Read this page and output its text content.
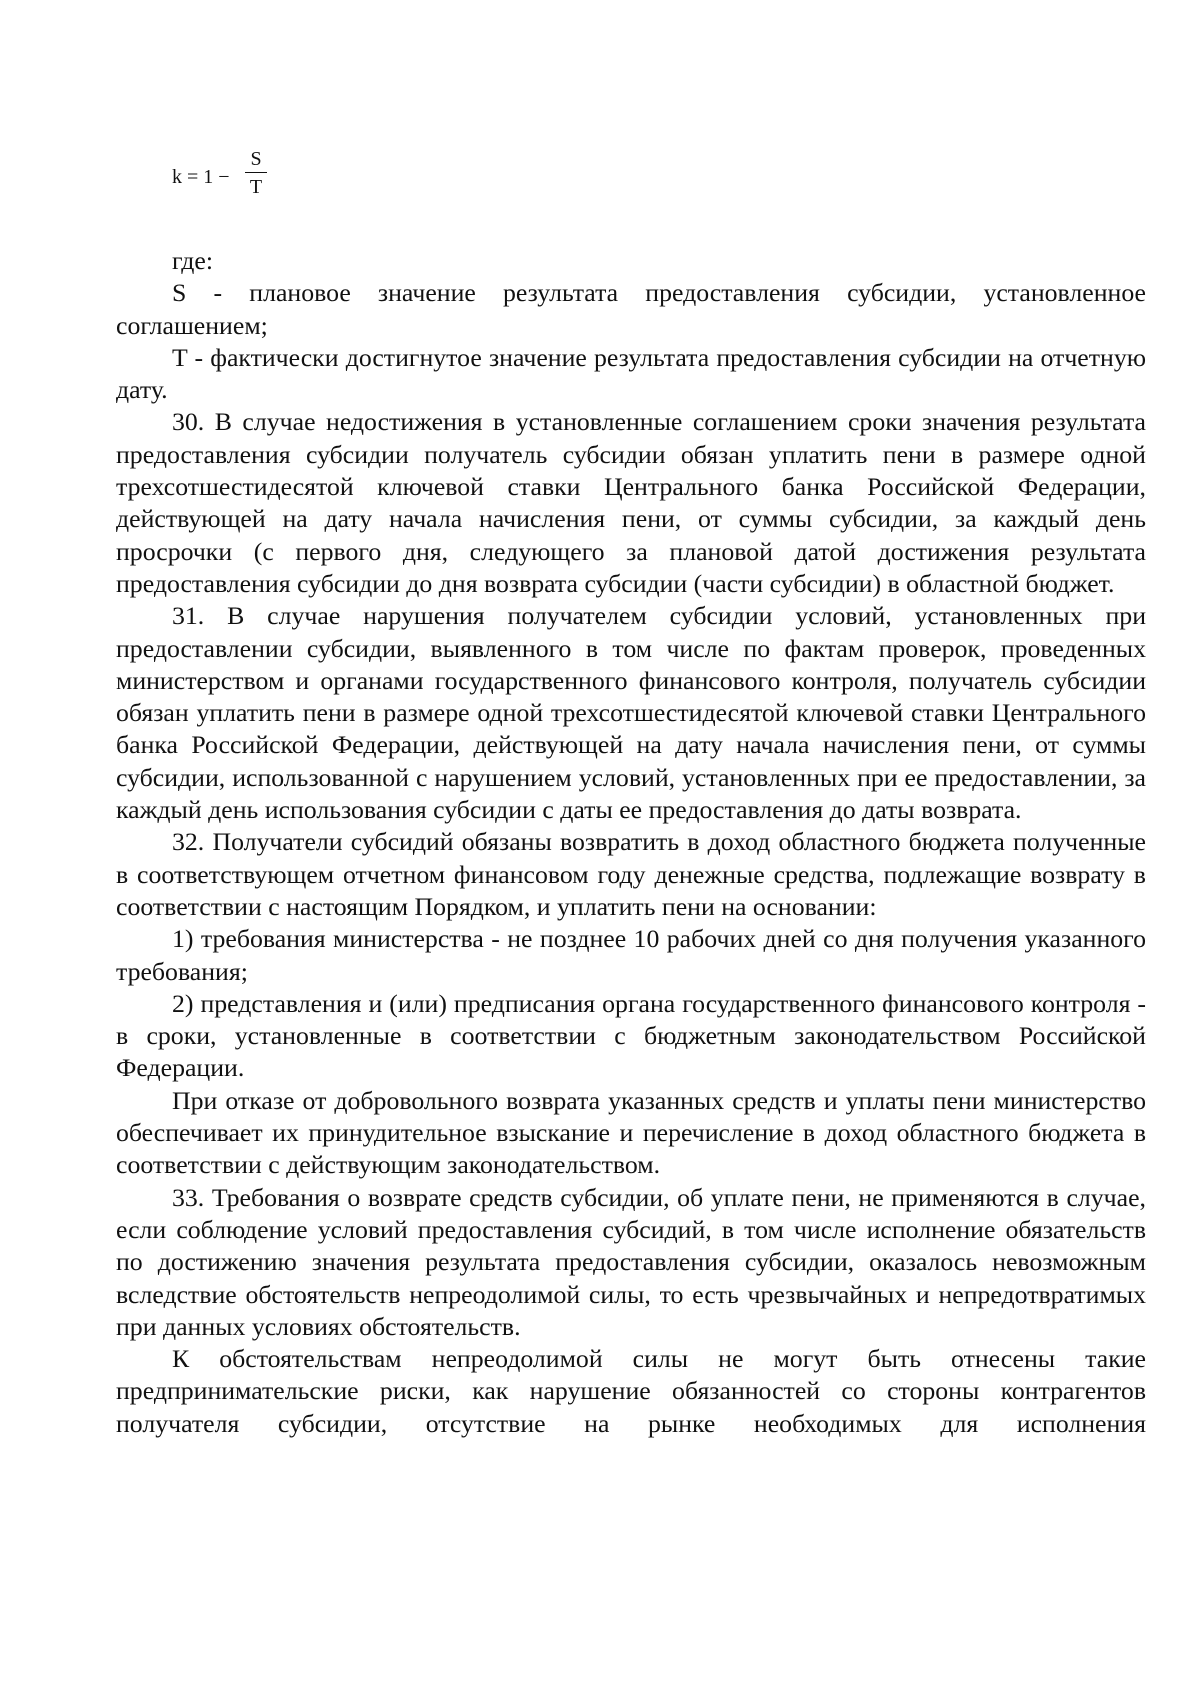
k = 1 −
S
T

где:

S - плановое значение результата предоставления субсидии, установленное соглашением;

T - фактически достигнутое значение результата предоставления субсидии на отчетную дату.

30. В случае недостижения в установленные соглашением сроки значения результата предоставления субсидии получатель субсидии обязан уплатить пени в размере одной трехсотшестидесятой ключевой ставки Центрального банка Российской Федерации, действующей на дату начала начисления пени, от суммы субсидии, за каждый день просрочки (с первого дня, следующего за плановой датой достижения результата предоставления субсидии до дня возврата субсидии (части субсидии) в областной бюджет.

31. В случае нарушения получателем субсидии условий, установленных при предоставлении субсидии, выявленного в том числе по фактам проверок, проведенных министерством и органами государственного финансового контроля, получатель субсидии обязан уплатить пени в размере одной трехсотшестидесятой ключевой ставки Центрального банка Российской Федерации, действующей на дату начала начисления пени, от суммы субсидии, использованной с нарушением условий, установленных при ее предоставлении, за каждый день использования субсидии с даты ее предоставления до даты возврата.

32. Получатели субсидий обязаны возвратить в доход областного бюджета полученные в соответствующем отчетном финансовом году денежные средства, подлежащие возврату в соответствии с настоящим Порядком, и уплатить пени на основании:

1) требования министерства - не позднее 10 рабочих дней со дня получения указанного требования;

2) представления и (или) предписания органа государственного финансового контроля - в сроки, установленные в соответствии с бюджетным законодательством Российской Федерации.

При отказе от добровольного возврата указанных средств и уплаты пени министерство обеспечивает их принудительное взыскание и перечисление в доход областного бюджета в соответствии с действующим законодательством.

33. Требования о возврате средств субсидии, об уплате пени, не применяются в случае, если соблюдение условий предоставления субсидий, в том числе исполнение обязательств по достижению значения результата предоставления субсидии, оказалось невозможным вследствие обстоятельств непреодолимой силы, то есть чрезвычайных и непредотвратимых при данных условиях обстоятельств.

К обстоятельствам непреодолимой силы не могут быть отнесены такие предпринимательские риски, как нарушение обязанностей со стороны контрагентов получателя субсидии, отсутствие на рынке необходимых для исполнения
